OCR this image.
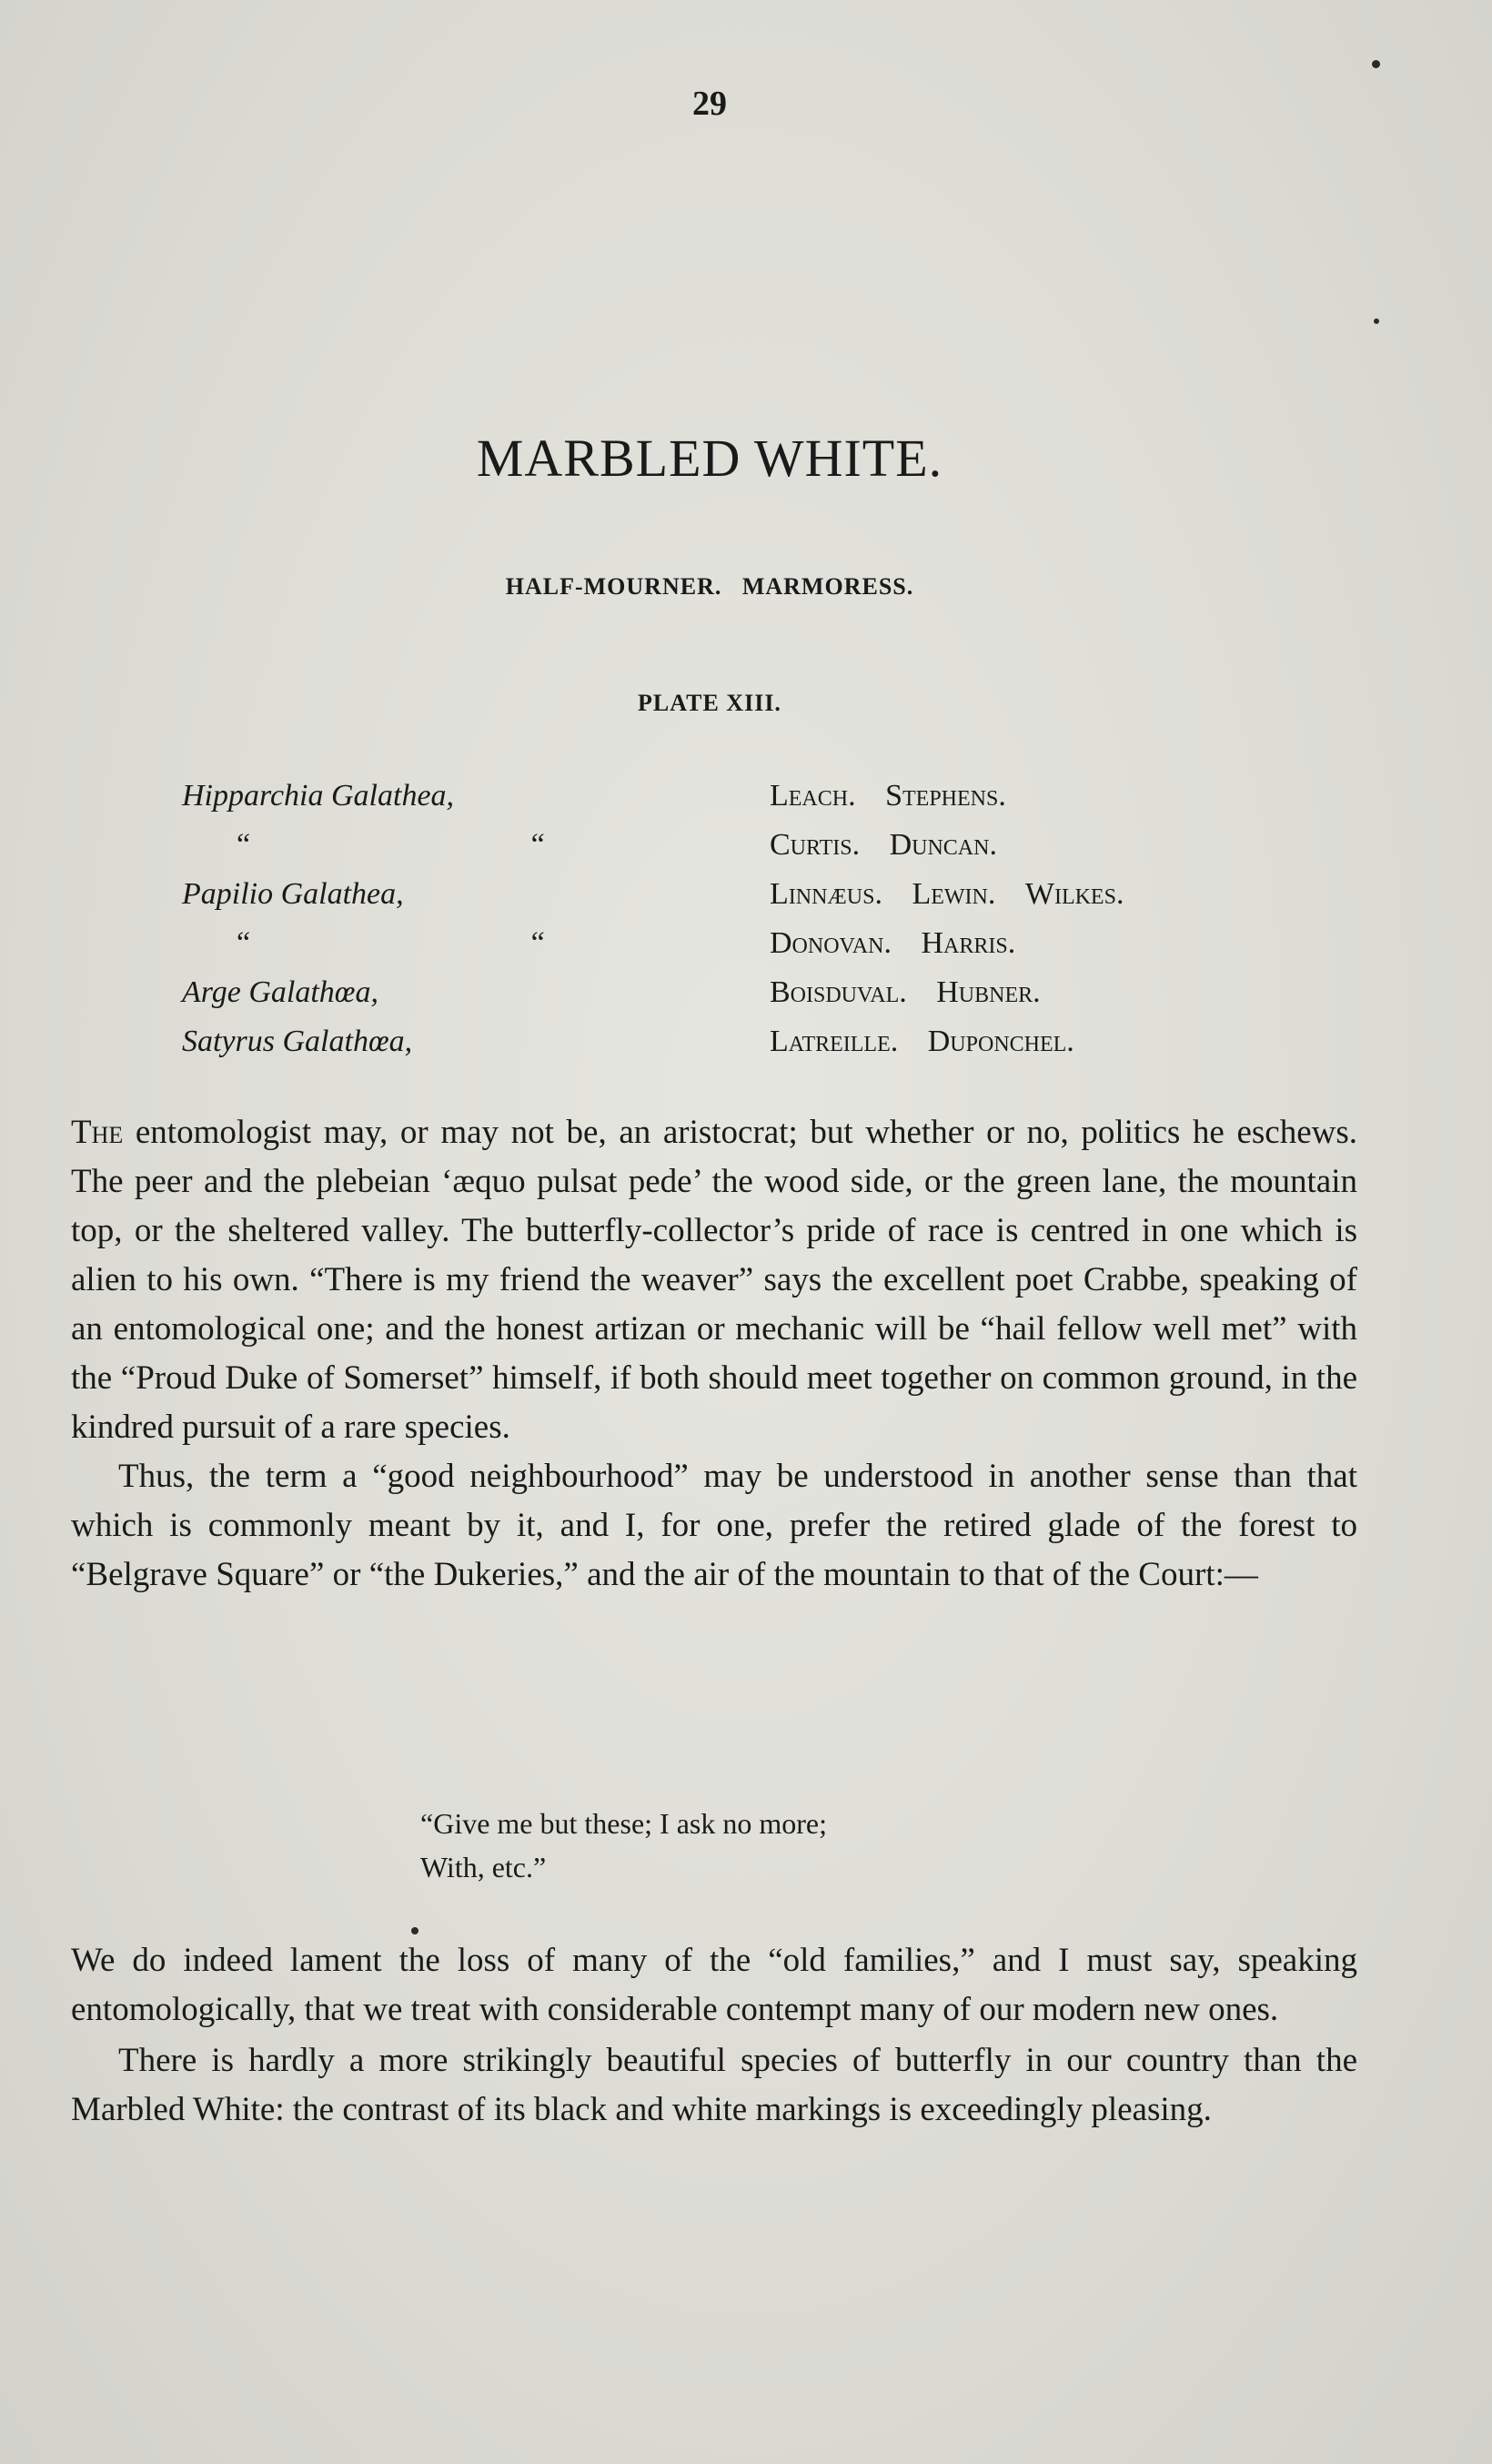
29
MARBLED WHITE.
HALF-MOURNER.   MARMORESS.
PLATE XIII.
Hipparchia Galathea,	Leach. Stephens.
“ “	Curtis. Duncan.
Papilio Galathea,	Linnæus. Lewin. Wilkes.
“ “	Donovan. Harris.
Arge Galathœa,	Boisduval. Hubner.
Satyrus Galathœa,	Latreille. Duponchel.

The entomologist may, or may not be, an aristocrat; but whether or no, politics he eschews. The peer and the plebeian ‘æquo pulsat pede’ the wood side, or the green lane, the mountain top, or the sheltered valley. The butterfly-collector’s pride of race is centred in one which is alien to his own. “There is my friend the weaver” says the excellent poet Crabbe, speaking of an entomological one; and the honest artizan or mechanic will be “hail fellow well met” with the “Proud Duke of Somerset” himself, if both should meet together on common ground, in the kindred pursuit of a rare species.

Thus, the term a “good neighbourhood” may be understood in another sense than that which is commonly meant by it, and I, for one, prefer the retired glade of the forest to “Belgrave Square” or “the Dukeries,” and the air of the mountain to that of the Court:—

“Give me but these; I ask no more;
With, etc.”

We do indeed lament the loss of many of the “old families,” and I must say, speaking entomologically, that we treat with considerable contempt many of our modern new ones.

There is hardly a more strikingly beautiful species of butterfly in our country than the Marbled White: the contrast of its black and white markings is exceedingly pleasing.
